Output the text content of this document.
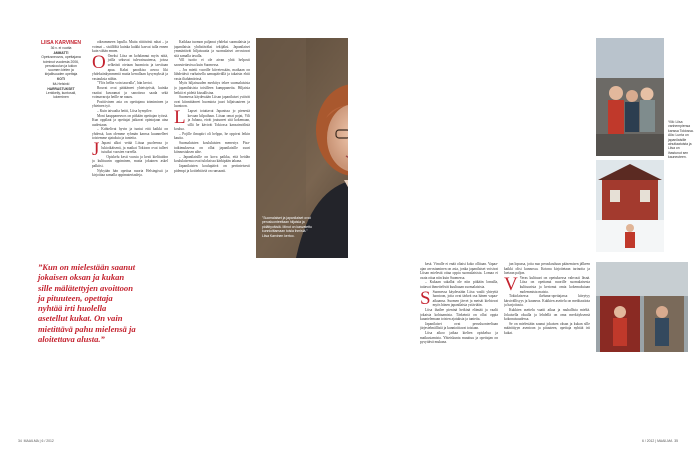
LIISA KARVINEN
36 v. ei vuotta
AMMATTI
Opetusneuvos, opettajana toiminut vuodesta 2006, peruskoulun ja lukion suomen kielen ja kirjallisuuden opettaja
KOTI
Itä-Helsinki
HARRASTUKSET
Lenkkeily, kuntosali, lukeminen
”Kun on mielestään saanut jokaisen oksan ja kukan sille mälätettyjen avoittoon ja pituuteen, opettaja nyhtää irti huolella asetellut kukat. On vain mietittävä pahu mielensä ja aloitettava alusta.”

oikeammeen lopulla. Mutta riittävästi rahat – ja voimat – sisällöltä kuinka kaikki kasvat tulla ennen kuin vähän ennen.

O Oneksi Liisa on kohdannut myös niitä, joilla sekuvat tulevaisuutensa, joissa selkeästi otetaan huomiota ja tarvitaan apua. Kaksi paraikisa aovoa liki yhdeksänkymmentä mutta kerrallaan kysymyksiä ja vastauksia niihin.

"Ylös hellin voin tauvalla", hän kertoi.

Rouvat ovat päättäneet yhteistyöstä, kuinka vaatiat kuvaamat ja sanottava saada sekä voimavaroja heille ne nauru.

Positiivinen asia on opettajana toimiminen ja yhteinen työ.

– Kuin taivaalta heitti, Liisa hymyilee.

Moni kauppaneuvos on pitkään opettajan työssä. Kun oppilaat ja opettajat jatkavat opintojaan aina uudestaan.

– Kohtelivat hyvin ja tuntui että kaikki on yhdessä, kun olemme ryhmän kanssa kuunnelleet toistemme ajatuksia ja tunteita.

J Japani alkoi vetää Liisaa puoleensa jo lukioikäisenä, ja matkat Tokioon ovat tulleet tutuiksi vuosien varrella.

Opiskelu kesti vuosia ja kesti kielitaidon ja kulttuurin oppiminen, mutta jokainen askel palkitsi.

Nykyään hän opettaa nuoria Helsingissä ja kirjoittaa samalla oppimateriaaleja.

Kaikkaa tuomon paljanut yhdeksi suomalaisia ja japanilaisia yhdistäväksi tekijäksi. Japanilaiset ymmärtävät hiljaisuutta ja suomalaiset arvostavat sitä samalla tavalla.

Vill tuotto ei ole aivan yhtä helposti saavutettavissa kuin Suomessa.

– Jos mietii vuorille kiivetessään, matkaan on lähdettävä varhaisella aamupäivällä ja takaisin ehtii vasta iltahämärissä.

Myös hiljaisuuden merkitys tekee suomalaisista ja japanilaisista toisilleen kumppaneita. Hiljaisia hetkiä ei pidetä kiusallisina.

Suomessa käydessään Liisan japanilaiset ystävät ovat kiinnittäneet huomiota juuri hiljaisuuteen ja luontoon.

L Lapset totuttavat Japanissa jo pienestä kovaan kilpailuun. Liisan omat pojat, Vili ja Juhana, eivät joutuneet sitä kokemaan, sillä he kävivät Tokiossa kansainvälistä koulua.

– Pojille ilmapiiri oli helppo, he oppivat leikin kautta.

Suomalaisten koululaisten menestys Pisa-tutkimuksessa on ollut japanilaisille suuri kiinnostuksen aihe.

– Japanilaisille on kova paikka, että heidän koululaisensa ovat tuloksissa kärkipään takana.

Japanilaisten koulupäivä on pertinteisesti pidempi ja kotitehtäviä on runsaasti.

34 MAAILMA | 6 / 2012
"Suomalaiset ja japanilaiset ovat perusluonteeltaan hiljaisia ja pidättyväisiä. Minut on kasvatettu kunnioittamaan toisia ihmisiä." Liisa Karvinen kertoo.

kesä. Virralle ei enää oltaisi koko ollitaan. Vapaa-ajan arvostaminen on asia, jonka japanilaiset voisivat Liisan mielestä ottaa oppia suomalaisista. Lomaa ei osata ottaa niin kuin Suomessa.

– Kukaan sakallat ole niin pitkään lomalla, tuttavat ihmettelivät kuultuaan suomalaisista.

S Suomessa käydessään Liisa vaalii yhteyttä luontoon, joita ovat tärkeä osa hänen vapaa-aikaansa. Suomen järvet ja metsät kiehtovat myös hänen japanilaisia ystäviään.

Liisa ihailee pieninä hetkinä elämää ja vaalii jokaista kohtaamista. Tärkeintä on ollut oppia kuuntelemaan toisten ajatuksia ja tunteita.

Japanilaiset ovat perusluonteeltaan järjestelmällisiä ja kunnioittavat toisiaan.

Liisa aikoo jatkaa kielten opiskelua ja matkustamista. Yhteiskunta muuttuu ja opettajan on pysyttävä mukana.

jan lopussa, jotta nuo peruskouluun pääsemisen jälkeen kaikki olisi kunnossa. Kotona kirjoitetaan tarinoita ja luetaan paljon.

V Veras kulttuuri on opetuksessa vahvasti läsnä. Liisa on opettanut nuorille suomalaisesta kulttuurista ja kertonut omia kokemuksiaan molemmista maista.

Tokiolaisessa ikebana-opettajassa kiteytyy kärsivällisyys ja kauneus. Kukkien asettelu on meditaatiota ja harjoitusta.

Kukkien asettelu vaatii aikaa ja rauhallista mieltä. Jokaisella oksalla ja lehdellä on oma merkityksensä kokonaisuudessa.

Se on mielestään saanut jokaisen oksan ja kukan sille määrättyyn asentoon ja pituuteen, opettaja nyhtää irti kukat.

Yllä: Liisa vanhempiensa kanssa Tokiossa. Alla: Lunta on japanilaisille ainutlaatuista ja Liisa on ihastunut sen kauneuteen.
6 / 2012 | MAAILMA 35
